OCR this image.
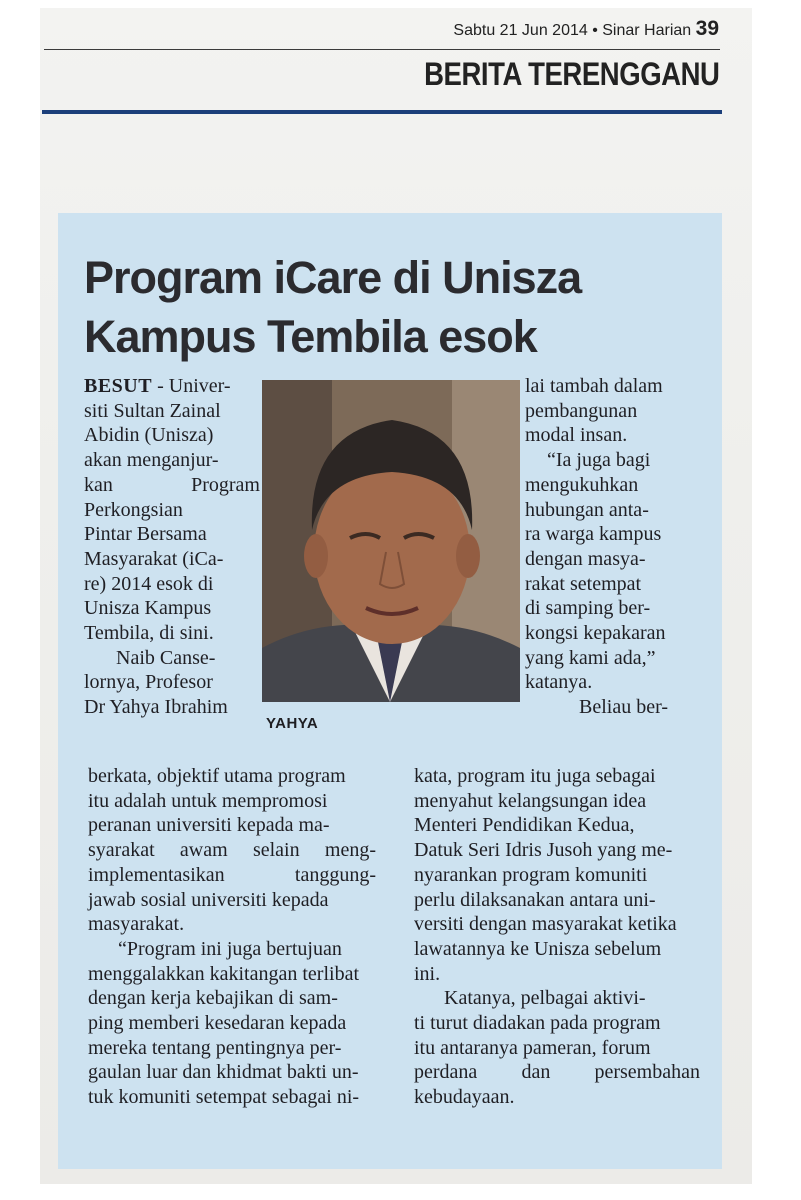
Sabtu 21 Jun 2014 • Sinar Harian 39
BERITA TERENGGANU
Program iCare di Unisza
Kampus Tembila esok
BESUT - Univer-
siti Sultan Zainal
Abidin (Unisza)
akan menganjur-
kan Program
Perkongsian
Pintar Bersama
Masyarakat (iCa-
re) 2014 esok di
Unisza Kampus
Tembila, di sini.
Naib Canse-
lornya, Profesor
Dr Yahya Ibrahim
YAHYA
lai tambah dalam
pembangunan
modal insan.
“Ia juga bagi
mengukuhkan
hubungan anta-
ra warga kampus
dengan masya-
rakat setempat
di samping ber-
kongsi kepakaran
yang kami ada,”
katanya.
Beliau ber-
berkata, objektif utama program
itu adalah untuk mempromosi
peranan universiti kepada ma-
syarakat awam selain meng-
implementasikan tanggung-
jawab sosial universiti kepada
masyarakat.
“Program ini juga bertujuan
menggalakkan kakitangan terlibat
dengan kerja kebajikan di sam-
ping memberi kesedaran kepada
mereka tentang pentingnya per-
gaulan luar dan khidmat bakti un-
tuk komuniti setempat sebagai ni-
kata, program itu juga sebagai
menyahut kelangsungan idea
Menteri Pendidikan Kedua,
Datuk Seri Idris Jusoh yang me-
nyarankan program komuniti
perlu dilaksanakan antara uni-
versiti dengan masyarakat ketika
lawatannya ke Unisza sebelum
ini.
Katanya, pelbagai aktivi-
ti turut diadakan pada program
itu antaranya pameran, forum
perdana dan persembahan
kebudayaan.
